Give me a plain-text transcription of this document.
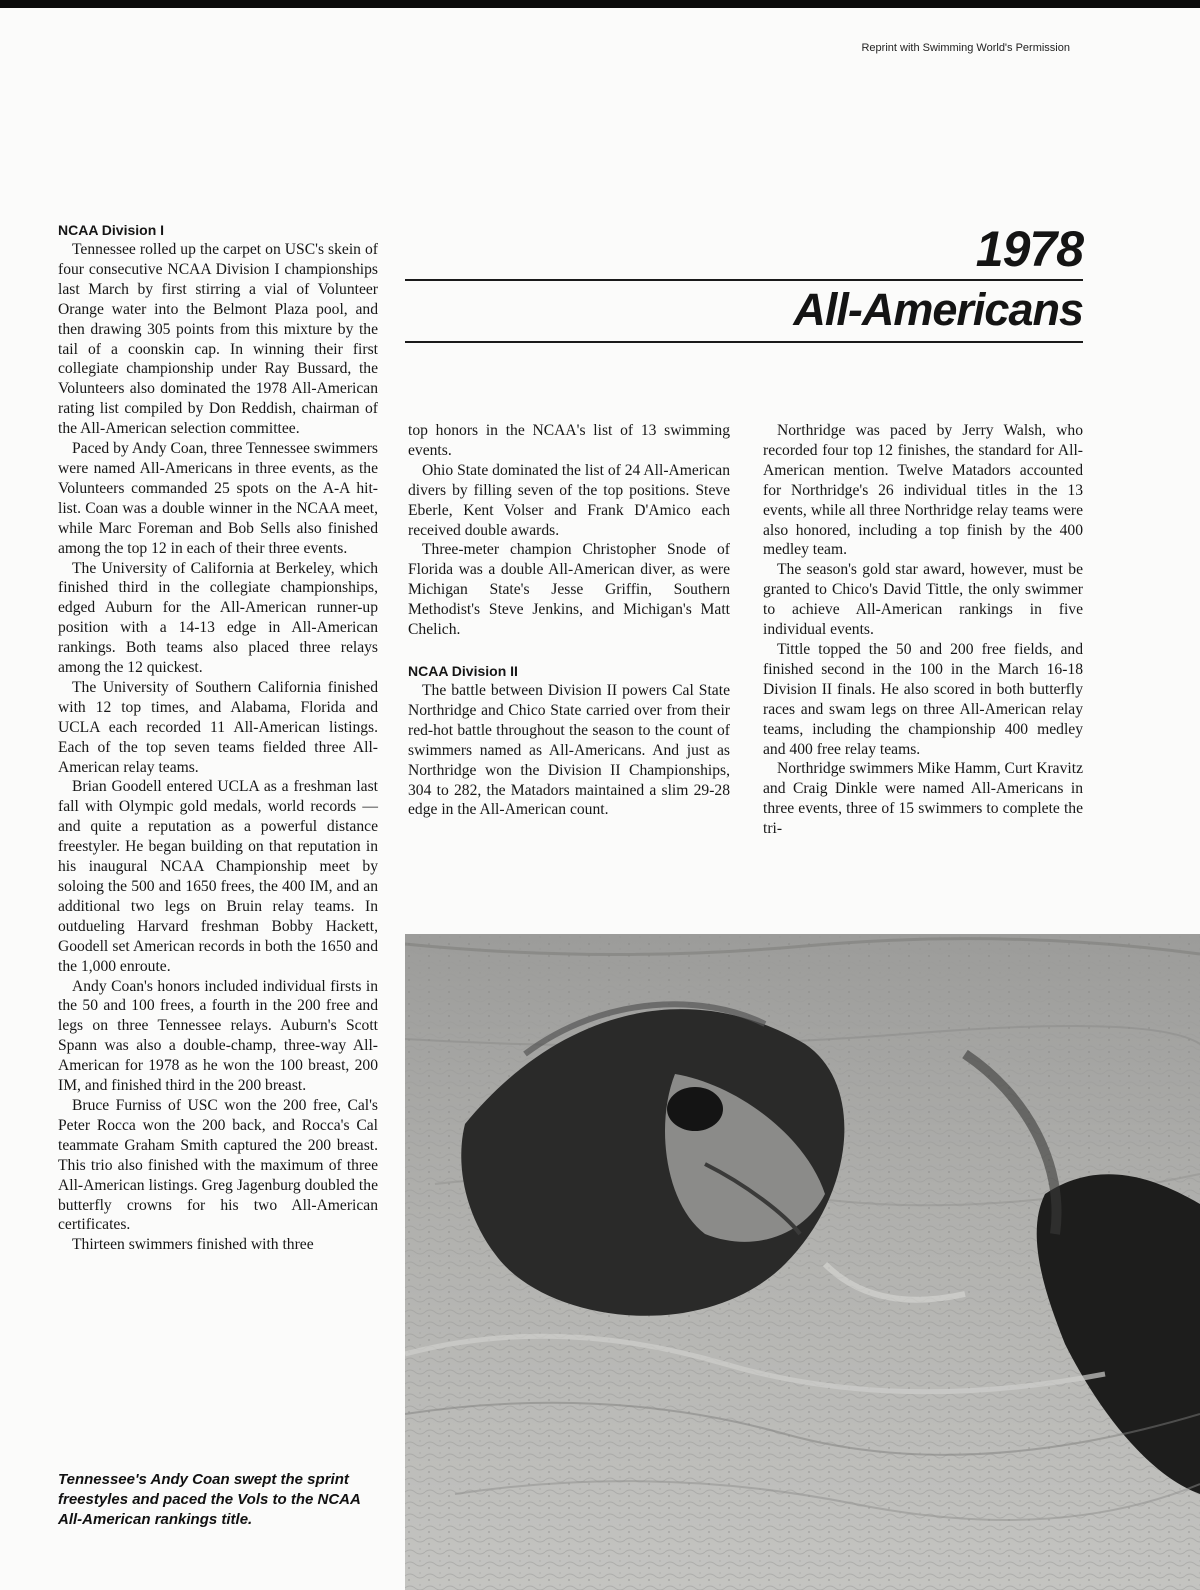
Reprint with Swimming World's Permission
1978
All-Americans
NCAA Division I

Tennessee rolled up the carpet on USC's skein of four consecutive NCAA Division I championships last March by first stirring a vial of Volunteer Orange water into the Belmont Plaza pool, and then drawing 305 points from this mixture by the tail of a coonskin cap. In winning their first collegiate championship under Ray Bussard, the Volunteers also dominated the 1978 All-American rating list compiled by Don Reddish, chairman of the All-American selection committee.

Paced by Andy Coan, three Tennessee swimmers were named All-Americans in three events, as the Volunteers commanded 25 spots on the A-A hit-list. Coan was a double winner in the NCAA meet, while Marc Foreman and Bob Sells also finished among the top 12 in each of their three events.

The University of California at Berkeley, which finished third in the collegiate championships, edged Auburn for the All-American runner-up position with a 14-13 edge in All-American rankings. Both teams also placed three relays among the 12 quickest.

The University of Southern California finished with 12 top times, and Alabama, Florida and UCLA each recorded 11 All-American listings. Each of the top seven teams fielded three All-American relay teams.

Brian Goodell entered UCLA as a freshman last fall with Olympic gold medals, world records — and quite a reputation as a powerful distance freestyler. He began building on that reputation in his inaugural NCAA Championship meet by soloing the 500 and 1650 frees, the 400 IM, and an additional two legs on Bruin relay teams. In outdueling Harvard freshman Bobby Hackett, Goodell set American records in both the 1650 and the 1,000 enroute.

Andy Coan's honors included individual firsts in the 50 and 100 frees, a fourth in the 200 free and legs on three Tennessee relays. Auburn's Scott Spann was also a double-champ, three-way All-American for 1978 as he won the 100 breast, 200 IM, and finished third in the 200 breast.

Bruce Furniss of USC won the 200 free, Cal's Peter Rocca won the 200 back, and Rocca's Cal teammate Graham Smith captured the 200 breast. This trio also finished with the maximum of three All-American listings. Greg Jagenburg doubled the butterfly crowns for his two All-American certificates.

Thirteen swimmers finished with three

top honors in the NCAA's list of 13 swimming events.

Ohio State dominated the list of 24 All-American divers by filling seven of the top positions. Steve Eberle, Kent Volser and Frank D'Amico each received double awards.

Three-meter champion Christopher Snode of Florida was a double All-American diver, as were Michigan State's Jesse Griffin, Southern Methodist's Steve Jenkins, and Michigan's Matt Chelich.

NCAA Division II

The battle between Division II powers Cal State Northridge and Chico State carried over from their red-hot battle throughout the season to the count of swimmers named as All-Americans. And just as Northridge won the Division II Championships, 304 to 282, the Matadors maintained a slim 29-28 edge in the All-American count.

Northridge was paced by Jerry Walsh, who recorded four top 12 finishes, the standard for All-American mention. Twelve Matadors accounted for Northridge's 26 individual titles in the 13 events, while all three Northridge relay teams were also honored, including a top finish by the 400 medley team.

The season's gold star award, however, must be granted to Chico's David Tittle, the only swimmer to achieve All-American rankings in five individual events.

Tittle topped the 50 and 200 free fields, and finished second in the 100 in the March 16-18 Division II finals. He also scored in both butterfly races and swam legs on three All-American relay teams, including the championship 400 medley and 400 free relay teams.

Northridge swimmers Mike Hamm, Curt Kravitz and Craig Dinkle were named All-Americans in three events, three of 15 swimmers to complete the tri-

Tennessee's Andy Coan swept the sprint freestyles and paced the Vols to the NCAA All-American rankings title.
